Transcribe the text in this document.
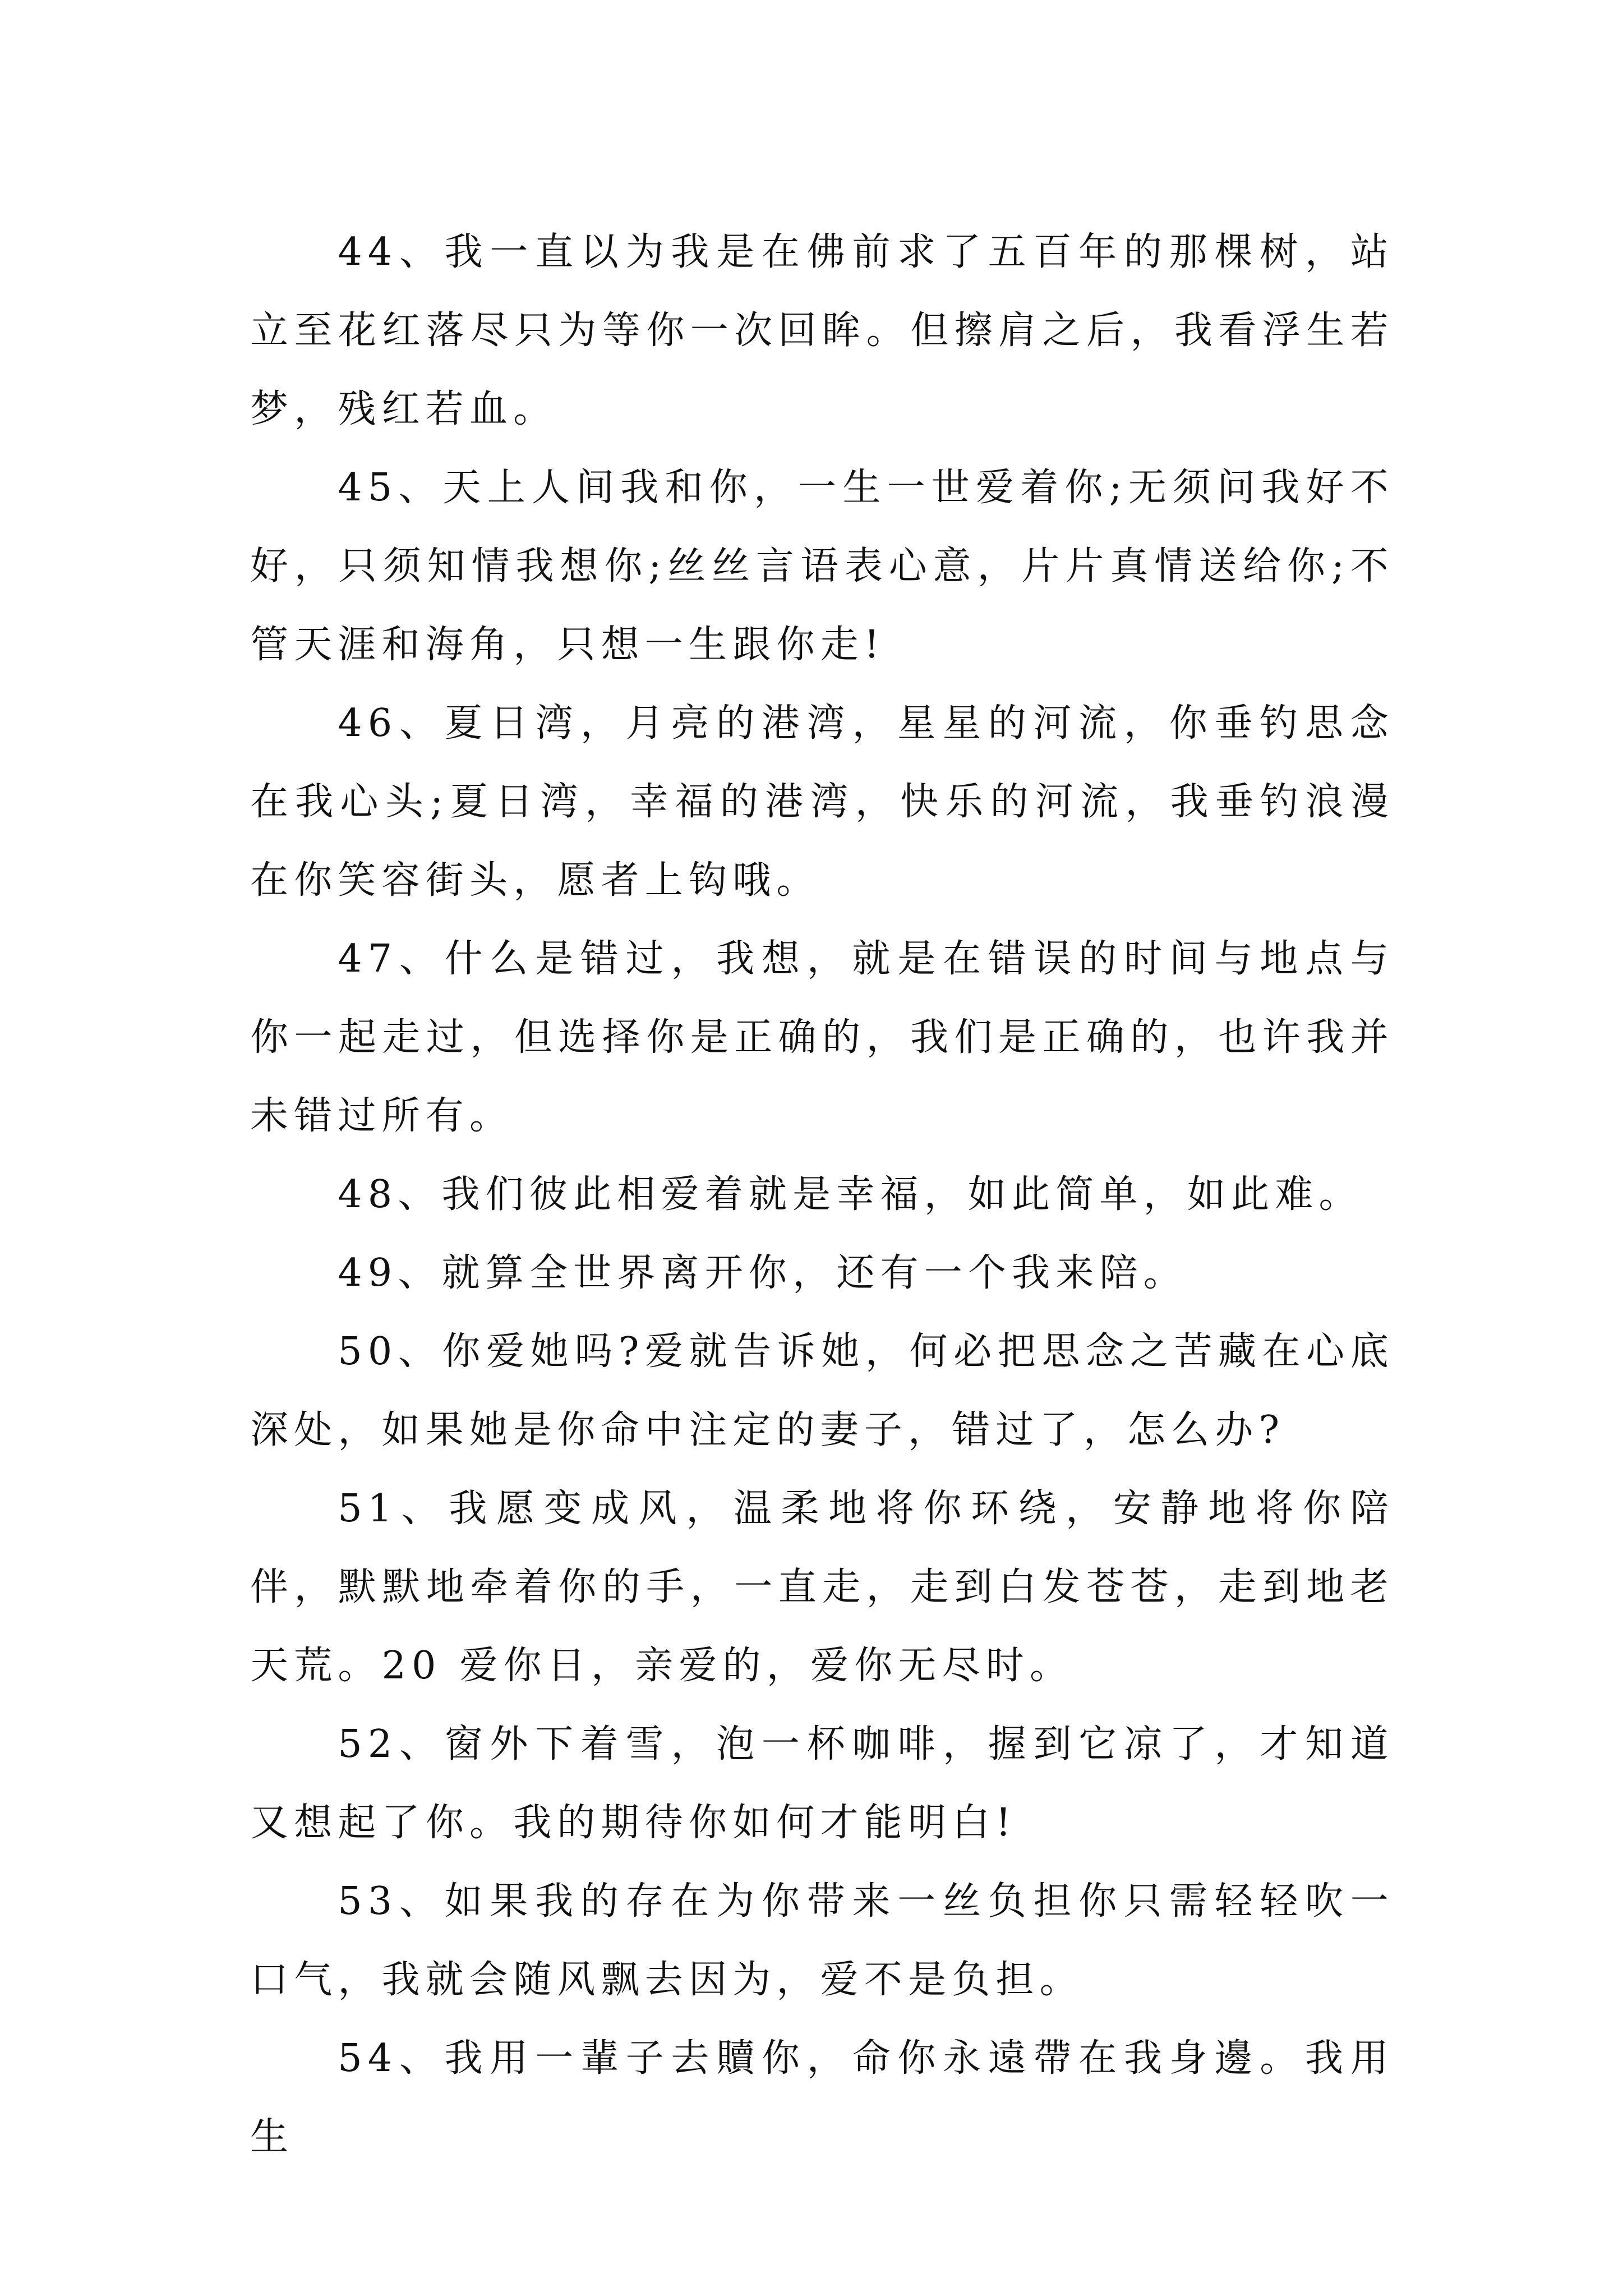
44、我一直以为我是在佛前求了五百年的那棵树，站立至花红落尽只为等你一次回眸。但擦肩之后，我看浮生若梦，残红若血。

45、天上人间我和你，一生一世爱着你;无须问我好不好，只须知情我想你;丝丝言语表心意，片片真情送给你;不管天涯和海角，只想一生跟你走!

46、夏日湾，月亮的港湾，星星的河流，你垂钓思念在我心头;夏日湾，幸福的港湾，快乐的河流，我垂钓浪漫在你笑容街头，愿者上钩哦。

47、什么是错过，我想，就是在错误的时间与地点与你一起走过，但选择你是正确的，我们是正确的，也许我并未错过所有。

48、我们彼此相爱着就是幸福，如此简单，如此难。

49、就算全世界离开你，还有一个我来陪。

50、你爱她吗?爱就告诉她，何必把思念之苦藏在心底深处，如果她是你命中注定的妻子，错过了，怎么办?

51、我愿变成风，温柔地将你环绕，安静地将你陪伴，默默地牵着你的手，一直走，走到白发苍苍，走到地老天荒。20 爱你日，亲爱的，爱你无尽时。

52、窗外下着雪，泡一杯咖啡，握到它凉了，才知道又想起了你。我的期待你如何才能明白!

53、如果我的存在为你带来一丝负担你只需轻轻吹一口气，我就会随风飘去因为，爱不是负担。

54、我用一輩子去贖你，命你永遠帶在我身邊。我用生
